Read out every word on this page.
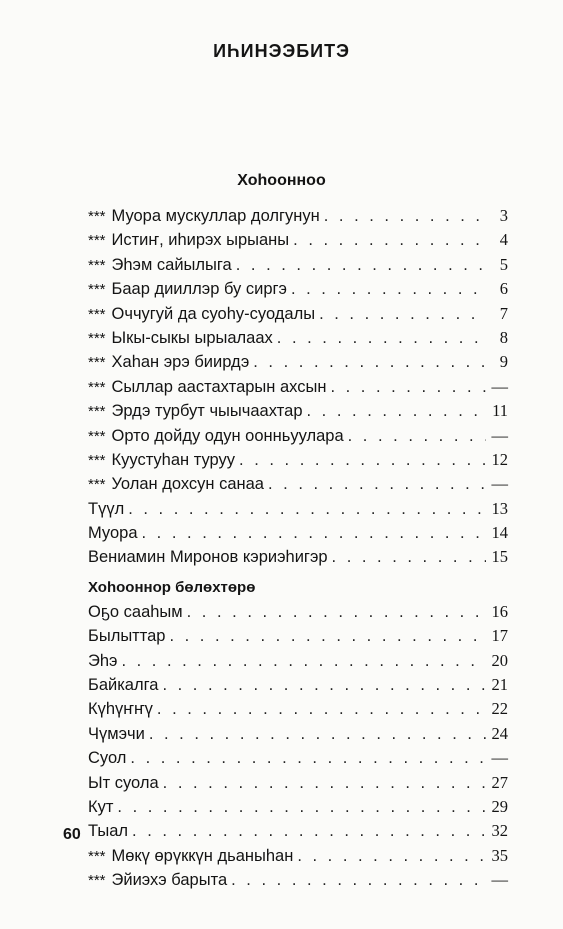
ИҺИНЭЭБИТЭ
Хоһоонноо
*** Муора мускуллар долгунун . . .	3
*** Истиҥ, иһирэх ырыаны . . .	4
*** Эһэм сайылыга . . .	5
*** Баар дииллэр бу сиргэ . . .	6
*** Оччугуй да суоһу-суодалы . . .	7
*** Ыкы-сыкы ырыалаах . . .	8
*** Хаһан эрэ биирдэ . . .	9
*** Сыллар аастахтарын ахсын . . .	—
*** Эрдэ турбут чыычаахтар . . .	11
*** Орто дойду одун оонньуулара . . .	—
*** Куустуһан туруу . . .	12
*** Уолан дохсун санаа . . .	—
Түүл . . .	13
Муора . . .	14
Вениамин Миронов кэриэһигэр . . .	15
Хоһооннор бөлөхтөрө
Оҕо сааһым . . .	16
Былыттар . . .	17
Эһэ . . .	20
Байкалга . . .	21
Күһүҥҥү . . .	22
Чүмэчи . . .	24
Суол . . .	—
Ыт суола . . .	27
Кут . . .	29
Тыал . . .	32
*** Мөкү өрүккүн дьаныһан . . .	35
*** Эйиэхэ барыта . . .	—
60
